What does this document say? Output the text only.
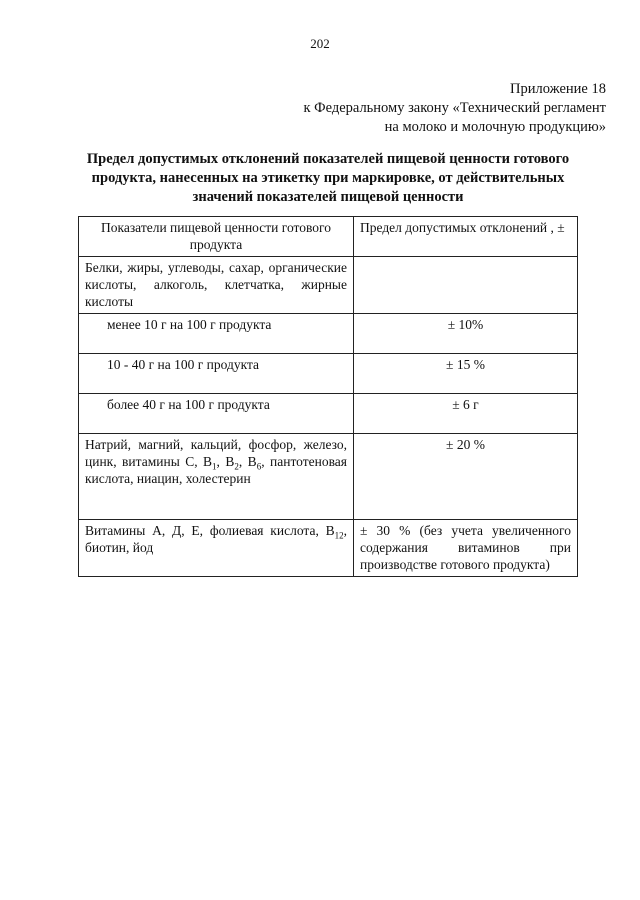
202
Приложение 18
к Федеральному закону «Технический регламент
на молоко и молочную продукцию»
Предел допустимых отклонений показателей пищевой ценности готового
продукта, нанесенных на этикетку при маркировке, от действительных
значений показателей пищевой ценности
Показатели пищевой ценности готового продукта	Предел допустимых отклонений , ±
Белки, жиры, углеводы, сахар, органические кислоты, алкоголь, клетчатка, жирные кислоты	
менее 10 г на 100 г продукта	± 10%
10 - 40 г на 100 г продукта	± 15 %
более 40 г на 100 г продукта	± 6 г
Натрий, магний, кальций, фосфор, железо, цинк, витамины С, $В_1$, $В_2$, $В_6$, пантотеновая кислота, ниацин, холестерин	± 20 %
Витамины А, Д, Е, фолиевая кислота, $В_{12}$, биотин, йод	± 30 % (без учета увеличенного содержания витаминов при производстве готового продукта)
